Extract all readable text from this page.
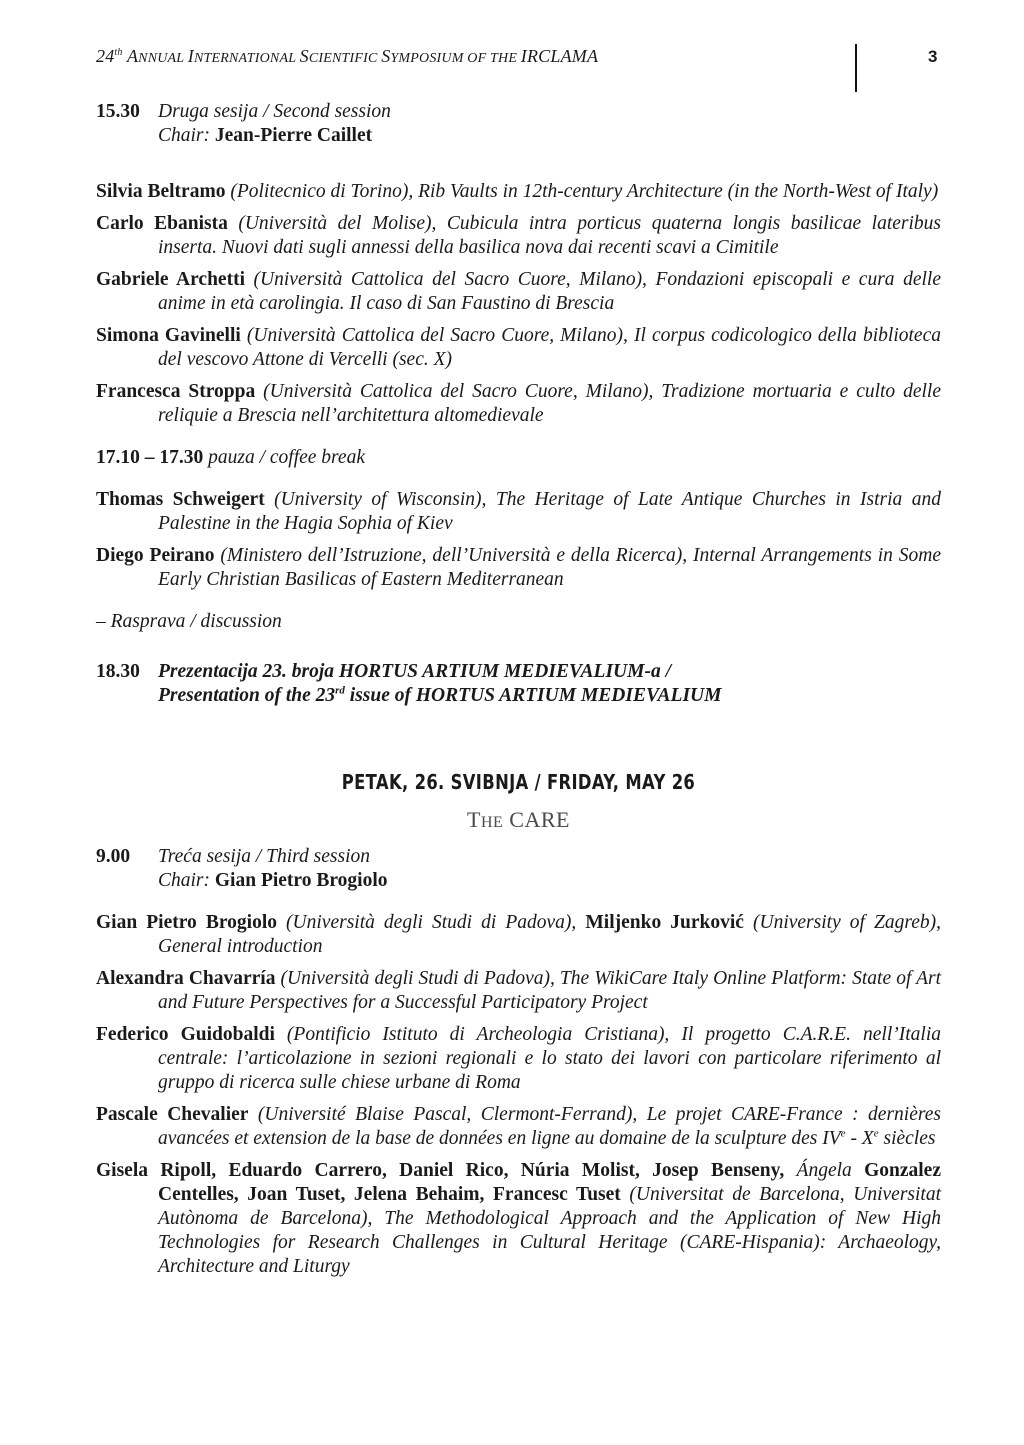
24th ANNUAL INTERNATIONAL SCIENTIFIC SYMPOSIUM OF THE IRCLAMA	3
15.30 Druga sesija / Second session
Chair: Jean-Pierre Caillet
Silvia Beltramo (Politecnico di Torino), Rib Vaults in 12th-century Architecture (in the North-West of Italy)
Carlo Ebanista (Università del Molise), Cubicula intra porticus quaterna longis basilicae lateribus inserta. Nuovi dati sugli annessi della basilica nova dai recenti scavi a Cimitile
Gabriele Archetti (Università Cattolica del Sacro Cuore, Milano), Fondazioni episcopali e cura delle anime in età carolingia. Il caso di San Faustino di Brescia
Simona Gavinelli (Università Cattolica del Sacro Cuore, Milano), Il corpus codicologico della biblioteca del vescovo Attone di Vercelli (sec. X)
Francesca Stroppa (Università Cattolica del Sacro Cuore, Milano), Tradizione mortuaria e culto delle reliquie a Brescia nell’architettura altomedievale
17.10 – 17.30 pauza / coffee break
Thomas Schweigert (University of Wisconsin), The Heritage of Late Antique Churches in Istria and Palestine in the Hagia Sophia of Kiev
Diego Peirano (Ministero dell’Istruzione, dell’Università e della Ricerca), Internal Arrangements in Some Early Christian Basilicas of Eastern Mediterranean
– Rasprava / discussion
18.30 Prezentacija 23. broja HORTUS ARTIUM MEDIEVALIUM-a /
Presentation of the 23rd issue of HORTUS ARTIUM MEDIEVALIUM
PETAK, 26. SVIBNJA / FRIDAY, MAY 26
THE CARE
9.00 Treća sesija / Third session
Chair: Gian Pietro Brogiolo
Gian Pietro Brogiolo (Università degli Studi di Padova), Miljenko Jurković (University of Zagreb), General introduction
Alexandra Chavarría (Università degli Studi di Padova), The WikiCare Italy Online Platform: State of Art and Future Perspectives for a Successful Participatory Project
Federico Guidobaldi (Pontificio Istituto di Archeologia Cristiana), Il progetto C.A.R.E. nell’Italia centrale: l’articolazione in sezioni regionali e lo stato dei lavori con particolare riferimento al gruppo di ricerca sulle chiese urbane di Roma
Pascale Chevalier (Université Blaise Pascal, Clermont-Ferrand), Le projet CARE-France : dernières avancées et extension de la base de données en ligne au domaine de la sculpture des IVe - Xe siècles
Gisela Ripoll, Eduardo Carrero, Daniel Rico, Núria Molist, Josep Benseny, Ángela Gonzalez Centelles, Joan Tuset, Jelena Behaim, Francesc Tuset (Universitat de Barcelona, Universitat Autònoma de Barcelona), The Methodological Approach and the Application of New High Technologies for Research Challenges in Cultural Heritage (CARE-Hispania): Archaeology, Architecture and Liturgy
